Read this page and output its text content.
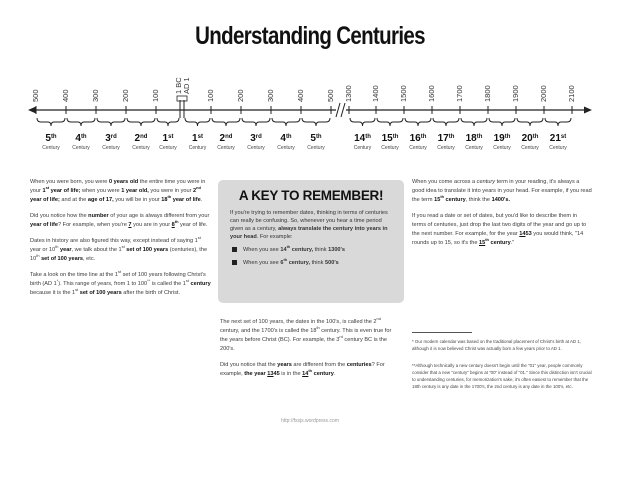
Understanding Centuries
500	400	300	200	100	100	200	300	400	500 1300 1400	1500	1600	1700	1800	1900	2000	2100
1 BC AD 1
5th
Century
4th
Century
3rd
Century
2nd
Century
1st
Century
1st
Century
2nd
Century
3rd
Century
4th
Century
5th
Century
14th
Century
15th
Century
16th
Century
17th
Century
18th
Century
19th
Century
20th
Century
21st
Century

When you were born, you were 0 years old the entire time you were in your 1st year of life; when you were 1 year old, you were in your 2nd year of life; and at the age of 17, you will be in your 18th year of life.

Did you notice how the number of your age is always different from your year of life? For example, when you're 7 you are in your 8th year of life.

Dates in history are also figured this way, except instead of saying 1st year or 10th year, we talk about the 1st set of 100 years (centuries), the 10th set of 100 years, etc.

Take a look on the time line at the 1st set of 100 years following Christ's birth (AD 1*). This range of years, from 1 to 100** is called the 1st century because it is the 1st set of 100 years after the birth of Christ.

A KEY TO REMEMBER!
If you're trying to remember dates, thinking in terms of centuries can really be confusing. So, whenever you hear a time period given as a century, always translate the century into years in your head. For example:
When you see 14th century, think 1300's
When you see 6th century, think 500's

The next set of 100 years, the dates in the 100's, is called the 2nd century, and the 1700's is called the 18th century. This is even true for the years before Christ (BC). For example, the 3rd century BC is the 200's.

Did you notice that the years are different from the centuries? For example, the year 1345 is in the 14th century.

When you come across a century term in your reading, it's always a good idea to translate it into years in your head. For example, if you read the term 15th century, think the 1400's.

If you read a date or set of dates, but you'd like to describe them in terms of centuries, just drop the last two digits of the year and go up to the next number. For example, for the year 1453 you would think, "14 rounds up to 15, so it's the 15th century."

* Our modern calendar was based on the traditional placement of Christ's birth at AD 1, although it is now believed Christ was actually born a few years prior to AD 1.
**Although technically a new century doesn't begin until the "01" year, people commonly consider that a new "century" begins at "00" instead of "01." Since this distinction isn't crucial to understanding centuries, for memorization's sake, it's often easiest to remember that the 18th century is any date in the 1700's, the 2nd century is any date in the 100's, etc.
http://fssjs.wordpress.com
